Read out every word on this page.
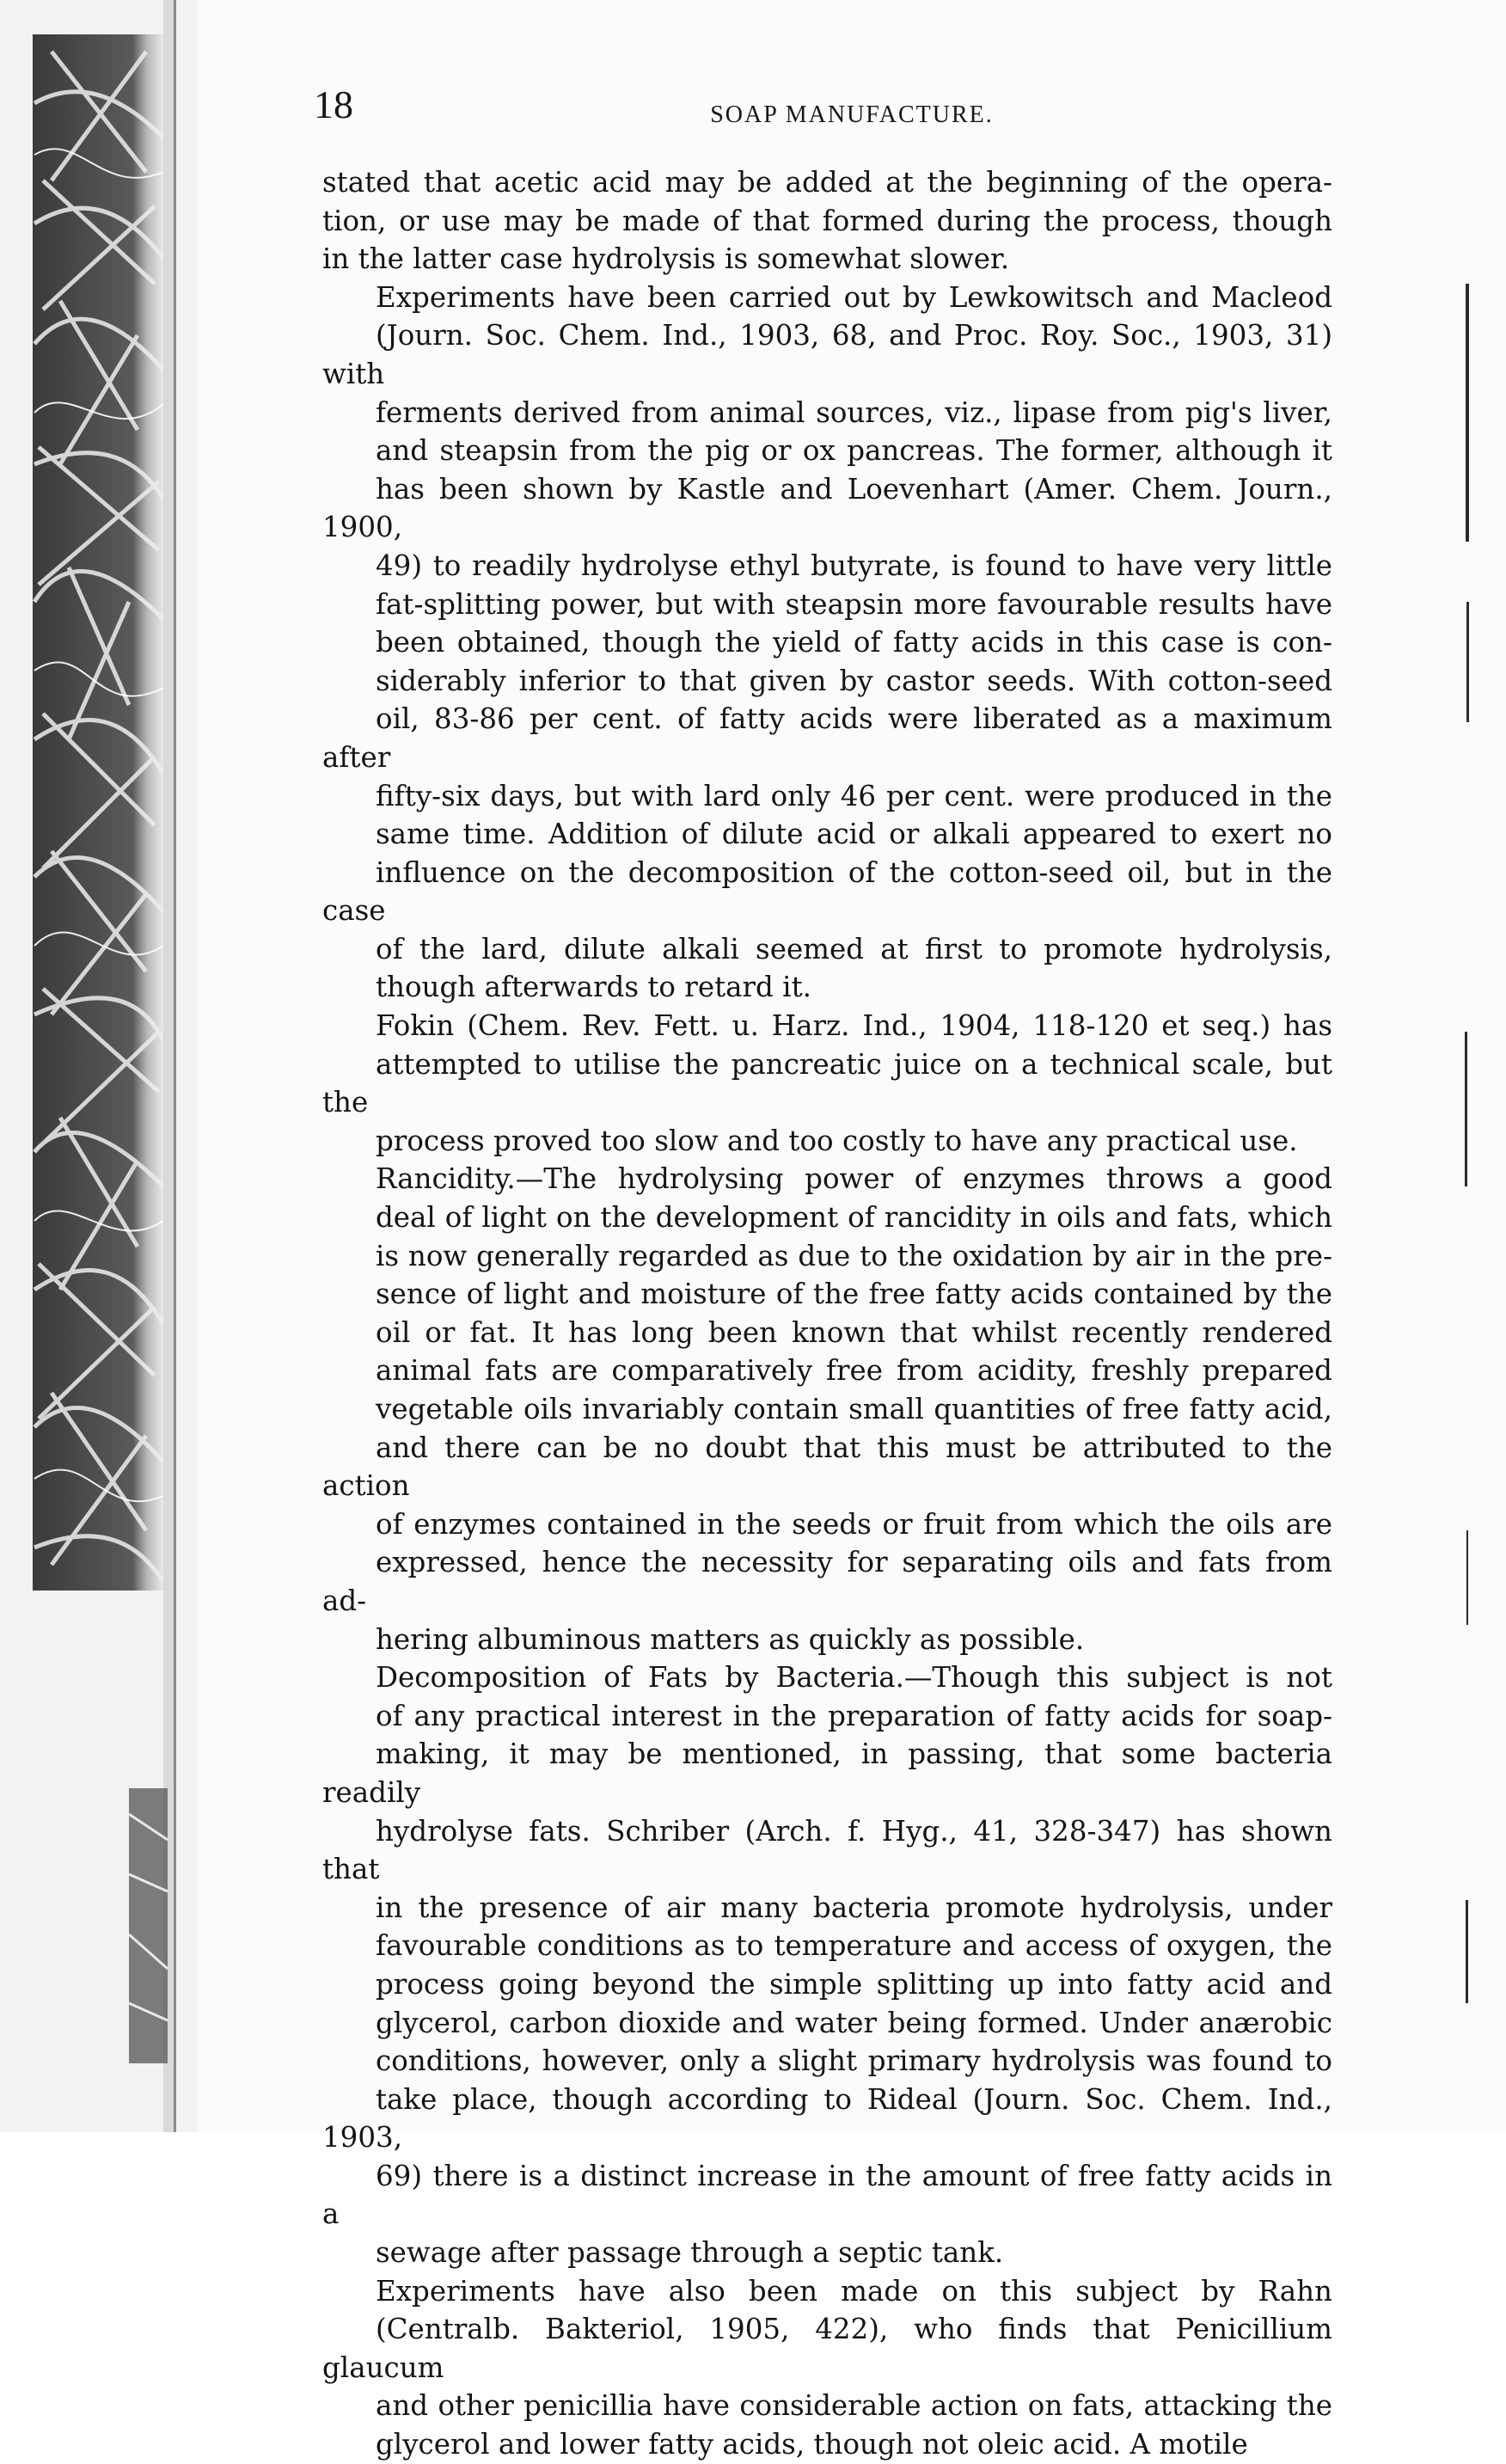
18	SOAP MANUFACTURE.

stated that acetic acid may be added at the beginning of the opera-
tion, or use may be made of that formed during the process, though
in the latter case hydrolysis is somewhat slower.

Experiments have been carried out by Lewkowitsch and Macleod
(Journ. Soc. Chem. Ind., 1903, 68, and Proc. Roy. Soc., 1903, 31) with
ferments derived from animal sources, viz., lipase from pig's liver,
and steapsin from the pig or ox pancreas. The former, although it
has been shown by Kastle and Loevenhart (Amer. Chem. Journ., 1900,
49) to readily hydrolyse ethyl butyrate, is found to have very little
fat-splitting power, but with steapsin more favourable results have
been obtained, though the yield of fatty acids in this case is con-
siderably inferior to that given by castor seeds. With cotton-seed
oil, 83-86 per cent. of fatty acids were liberated as a maximum after
fifty-six days, but with lard only 46 per cent. were produced in the
same time. Addition of dilute acid or alkali appeared to exert no
influence on the decomposition of the cotton-seed oil, but in the case
of the lard, dilute alkali seemed at first to promote hydrolysis,
though afterwards to retard it.

Fokin (Chem. Rev. Fett. u. Harz. Ind., 1904, 118-120 et seq.) has
attempted to utilise the pancreatic juice on a technical scale, but the
process proved too slow and too costly to have any practical use.

Rancidity.—The hydrolysing power of enzymes throws a good
deal of light on the development of rancidity in oils and fats, which
is now generally regarded as due to the oxidation by air in the pre-
sence of light and moisture of the free fatty acids contained by the
oil or fat. It has long been known that whilst recently rendered
animal fats are comparatively free from acidity, freshly prepared
vegetable oils invariably contain small quantities of free fatty acid,
and there can be no doubt that this must be attributed to the action
of enzymes contained in the seeds or fruit from which the oils are
expressed, hence the necessity for separating oils and fats from ad-
hering albuminous matters as quickly as possible.

Decomposition of Fats by Bacteria.—Though this subject is not
of any practical interest in the preparation of fatty acids for soap-
making, it may be mentioned, in passing, that some bacteria readily
hydrolyse fats. Schriber (Arch. f. Hyg., 41, 328-347) has shown that
in the presence of air many bacteria promote hydrolysis, under
favourable conditions as to temperature and access of oxygen, the
process going beyond the simple splitting up into fatty acid and
glycerol, carbon dioxide and water being formed. Under anærobic
conditions, however, only a slight primary hydrolysis was found to
take place, though according to Rideal (Journ. Soc. Chem. Ind., 1903,
69) there is a distinct increase in the amount of free fatty acids in a
sewage after passage through a septic tank.

Experiments have also been made on this subject by Rahn
(Centralb. Bakteriol, 1905, 422), who finds that Penicillium glaucum
and other penicillia have considerable action on fats, attacking the
glycerol and lower fatty acids, though not oleic acid. A motile
